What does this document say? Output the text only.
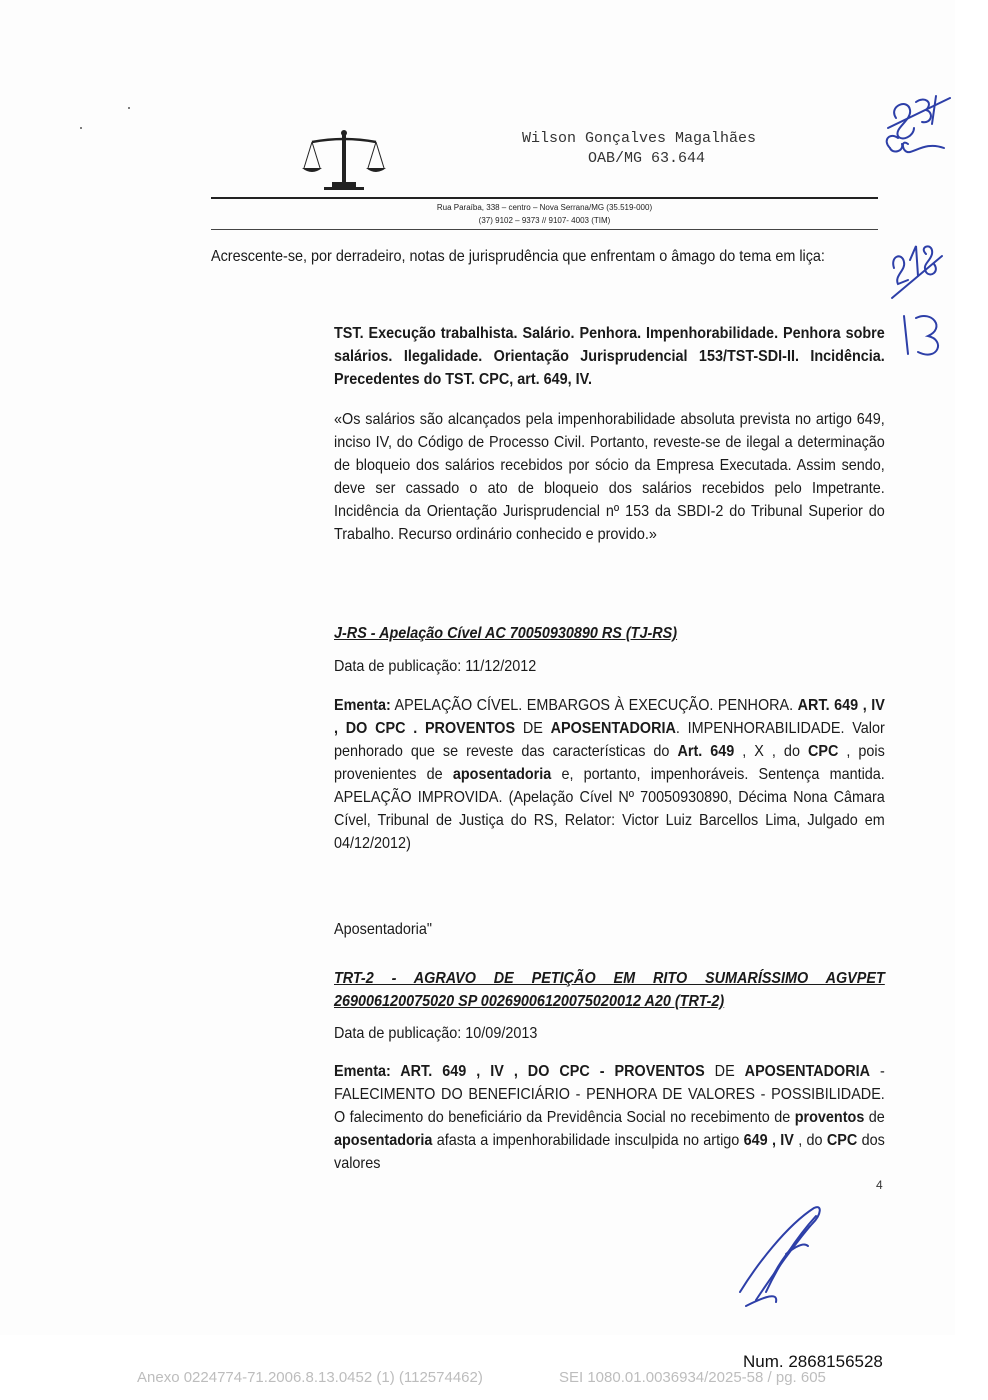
Wilson Gonçalves Magalhães
OAB/MG 63.644
Rua Paraíba, 338 – centro – Nova Serrana/MG (35.519-000)
(37) 9102 – 9373 // 9107- 4003 (TIM)
Acrescente-se, por derradeiro, notas de jurisprudência que enfrentam o âmago do tema em liça:
TST. Execução trabalhista. Salário. Penhora. Impenhorabilidade. Penhora sobre salários. Ilegalidade. Orientação Jurisprudencial 153/TST-SDI-II. Incidência. Precedentes do TST. CPC, art. 649, IV.
«Os salários são alcançados pela impenhorabilidade absoluta prevista no artigo 649, inciso IV, do Código de Processo Civil. Portanto, reveste-se de ilegal a determinação de bloqueio dos salários recebidos por sócio da Empresa Executada. Assim sendo, deve ser cassado o ato de bloqueio dos salários recebidos pelo Impetrante. Incidência da Orientação Jurisprudencial nº 153 da SBDI-2 do Tribunal Superior do Trabalho. Recurso ordinário conhecido e provido.»
J-RS - Apelação Cível AC 70050930890 RS (TJ-RS)
Data de publicação: 11/12/2012
Ementa: APELAÇÃO CÍVEL. EMBARGOS À EXECUÇÃO. PENHORA. ART. 649 , IV , DO CPC . PROVENTOS DE APOSENTADORIA. IMPENHORABILIDADE. Valor penhorado que se reveste das características do Art. 649 , X , do CPC , pois provenientes de aposentadoria e, portanto, impenhoráveis. Sentença mantida. APELAÇÃO IMPROVIDA. (Apelação Cível Nº 70050930890, Décima Nona Câmara Cível, Tribunal de Justiça do RS, Relator: Victor Luiz Barcellos Lima, Julgado em 04/12/2012)
Aposentadoria"
TRT-2 - AGRAVO DE PETIÇÃO EM RITO SUMARÍSSIMO AGVPET 269006120075020 SP 00269006120075020012 A20 (TRT-2)
Data de publicação: 10/09/2013
Ementa: ART. 649 , IV , DO CPC - PROVENTOS DE APOSENTADORIA - FALECIMENTO DO BENEFICIÁRIO - PENHORA DE VALORES - POSSIBILIDADE. O falecimento do beneficiário da Previdência Social no recebimento de proventos de aposentadoria afasta a impenhorabilidade insculpida no artigo 649 , IV , do CPC dos valores
4
Num. 2868156528
Anexo 0224774-71.2006.8.13.0452 (1) (112574462)	SEI 1080.01.0036934/2025-58 / pg. 605
